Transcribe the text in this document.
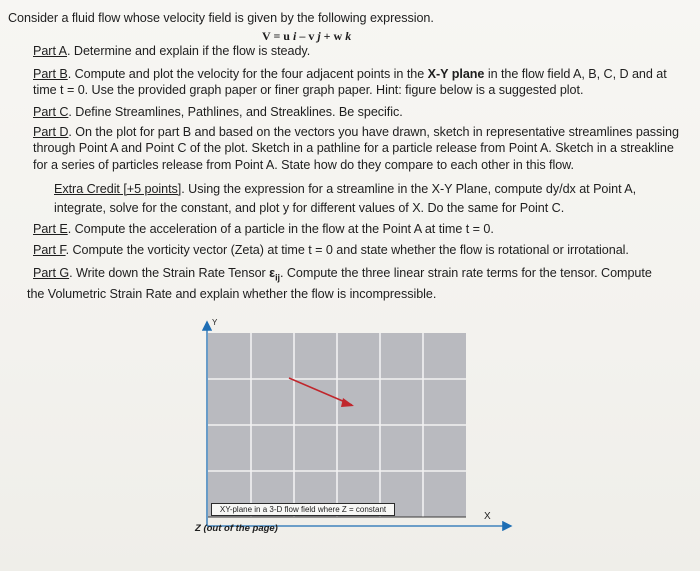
Consider a fluid flow whose velocity field is given by the following expression.
V = u i – v j + w k
Part A. Determine and explain if the flow is steady.
Part B. Compute and plot the velocity for the four adjacent points in the X-Y plane in the flow field A, B, C, D and at
time t = 0. Use the provided graph paper or finer graph paper. Hint: figure below is a suggested plot.
Part C. Define Streamlines, Pathlines, and Streaklines. Be specific.
Part D. On the plot for part B and based on the vectors you have drawn, sketch in representative streamlines passing
through Point A and Point C of the plot. Sketch in a pathline for a particle release from Point A. Sketch in a streakline
for a series of particles release from Point A. State how do they compare to each other in this flow.
Extra Credit [+5 points]. Using the expression for a streamline in the X-Y Plane, compute dy/dx at Point A,
integrate, solve for the constant, and plot y for different values of X. Do the same for Point C.
Part E. Compute the acceleration of a particle in the flow at the Point A at time t = 0.
Part F. Compute the vorticity vector (Zeta) at time t = 0 and state whether the flow is rotational or irrotational.
Part G. Write down the Strain Rate Tensor $\varepsilon_{ij}$. Compute the three linear strain rate terms for the tensor. Compute
the Volumetric Strain Rate and explain whether the flow is incompressible.
Y
X
XY-plane in a 3-D flow field where Z = constant
Z (out of the page)
